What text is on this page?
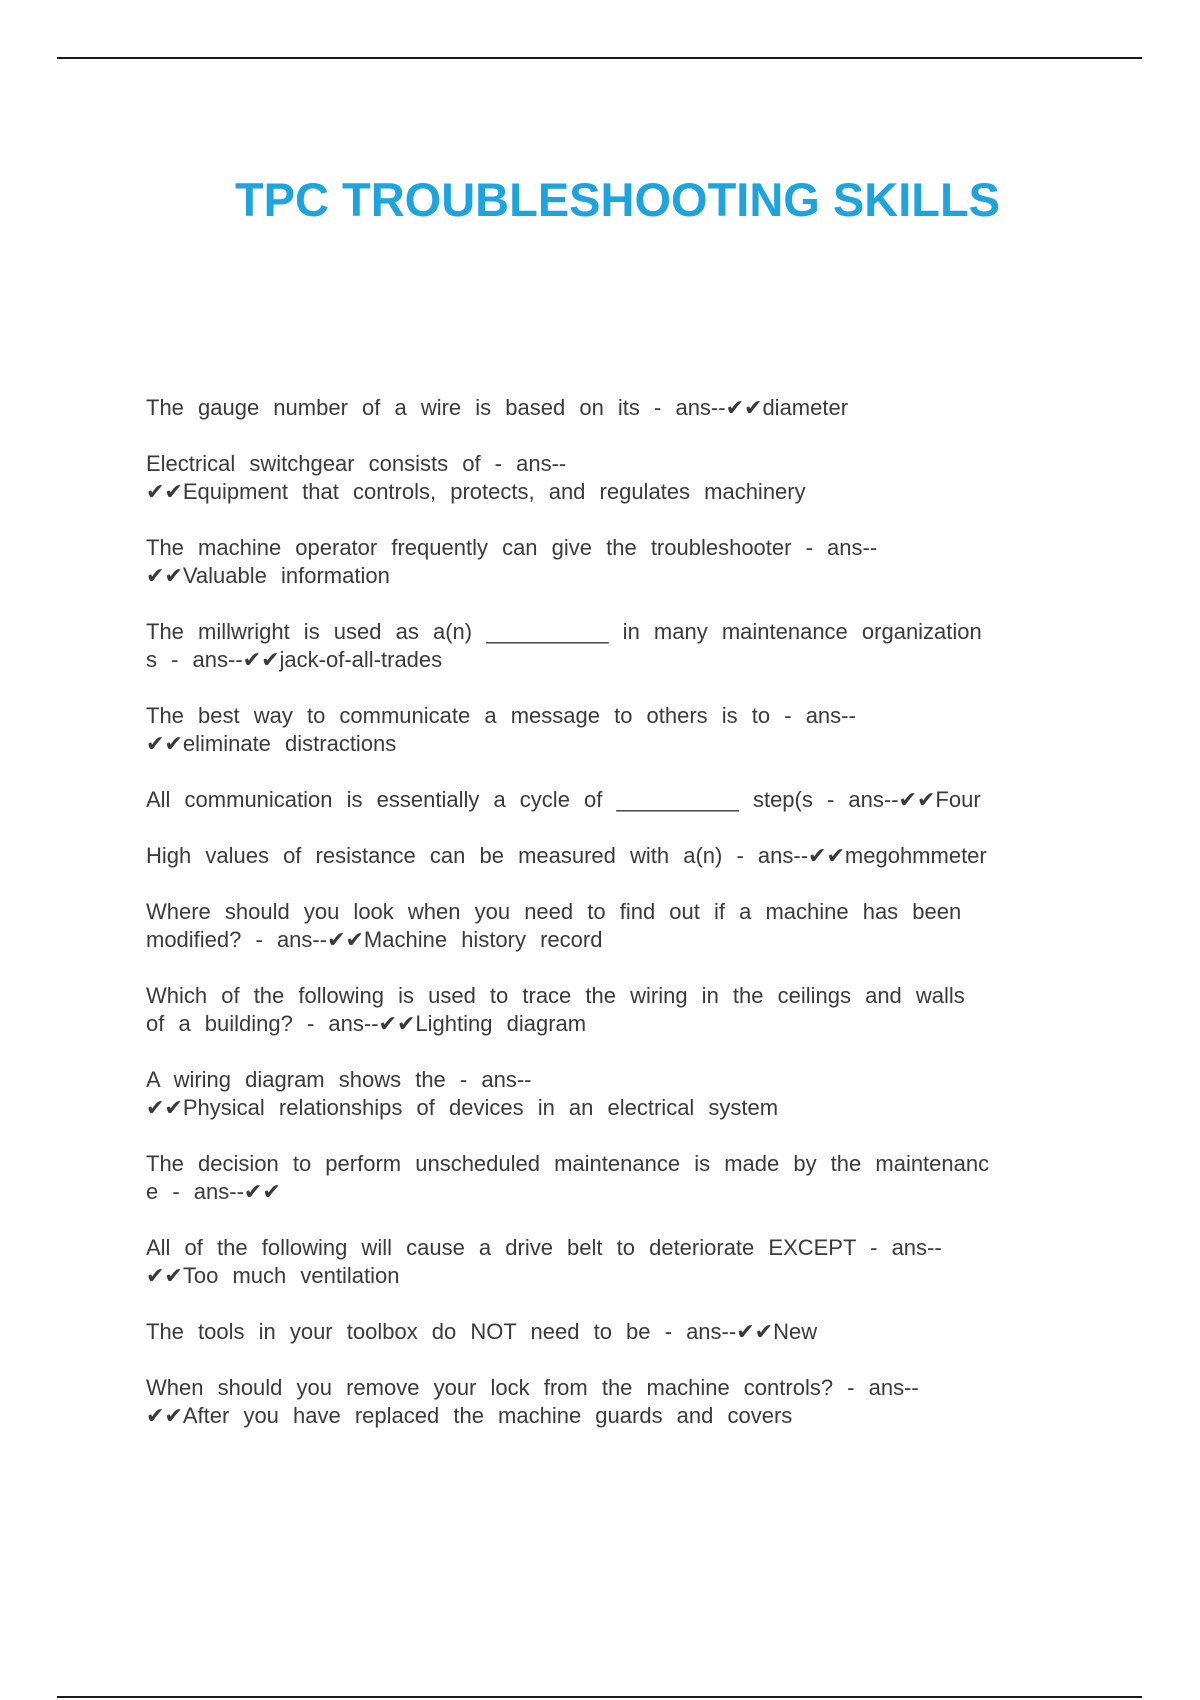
TPC TROUBLESHOOTING SKILLS
The gauge number of a wire is based on its - ans--✔✔diameter
Electrical switchgear consists of - ans--
✔✔Equipment that controls, protects, and regulates machinery
The machine operator frequently can give the troubleshooter - ans--
✔✔Valuable information
The millwright is used as a(n) __________ in many maintenance organization
s - ans--✔✔jack-of-all-trades
The best way to communicate a message to others is to - ans--
✔✔eliminate distractions
All communication is essentially a cycle of __________ step(s - ans--✔✔Four
High values of resistance can be measured with a(n) - ans--✔✔megohmmeter
Where should you look when you need to find out if a machine has been
modified? - ans--✔✔Machine history record
Which of the following is used to trace the wiring in the ceilings and walls
of a building? - ans--✔✔Lighting diagram
A wiring diagram shows the - ans--
✔✔Physical relationships of devices in an electrical system
The decision to perform unscheduled maintenance is made by the maintenanc
e - ans--✔✔
All of the following will cause a drive belt to deteriorate EXCEPT - ans--
✔✔Too much ventilation
The tools in your toolbox do NOT need to be - ans--✔✔New
When should you remove your lock from the machine controls? - ans--
✔✔After you have replaced the machine guards and covers
